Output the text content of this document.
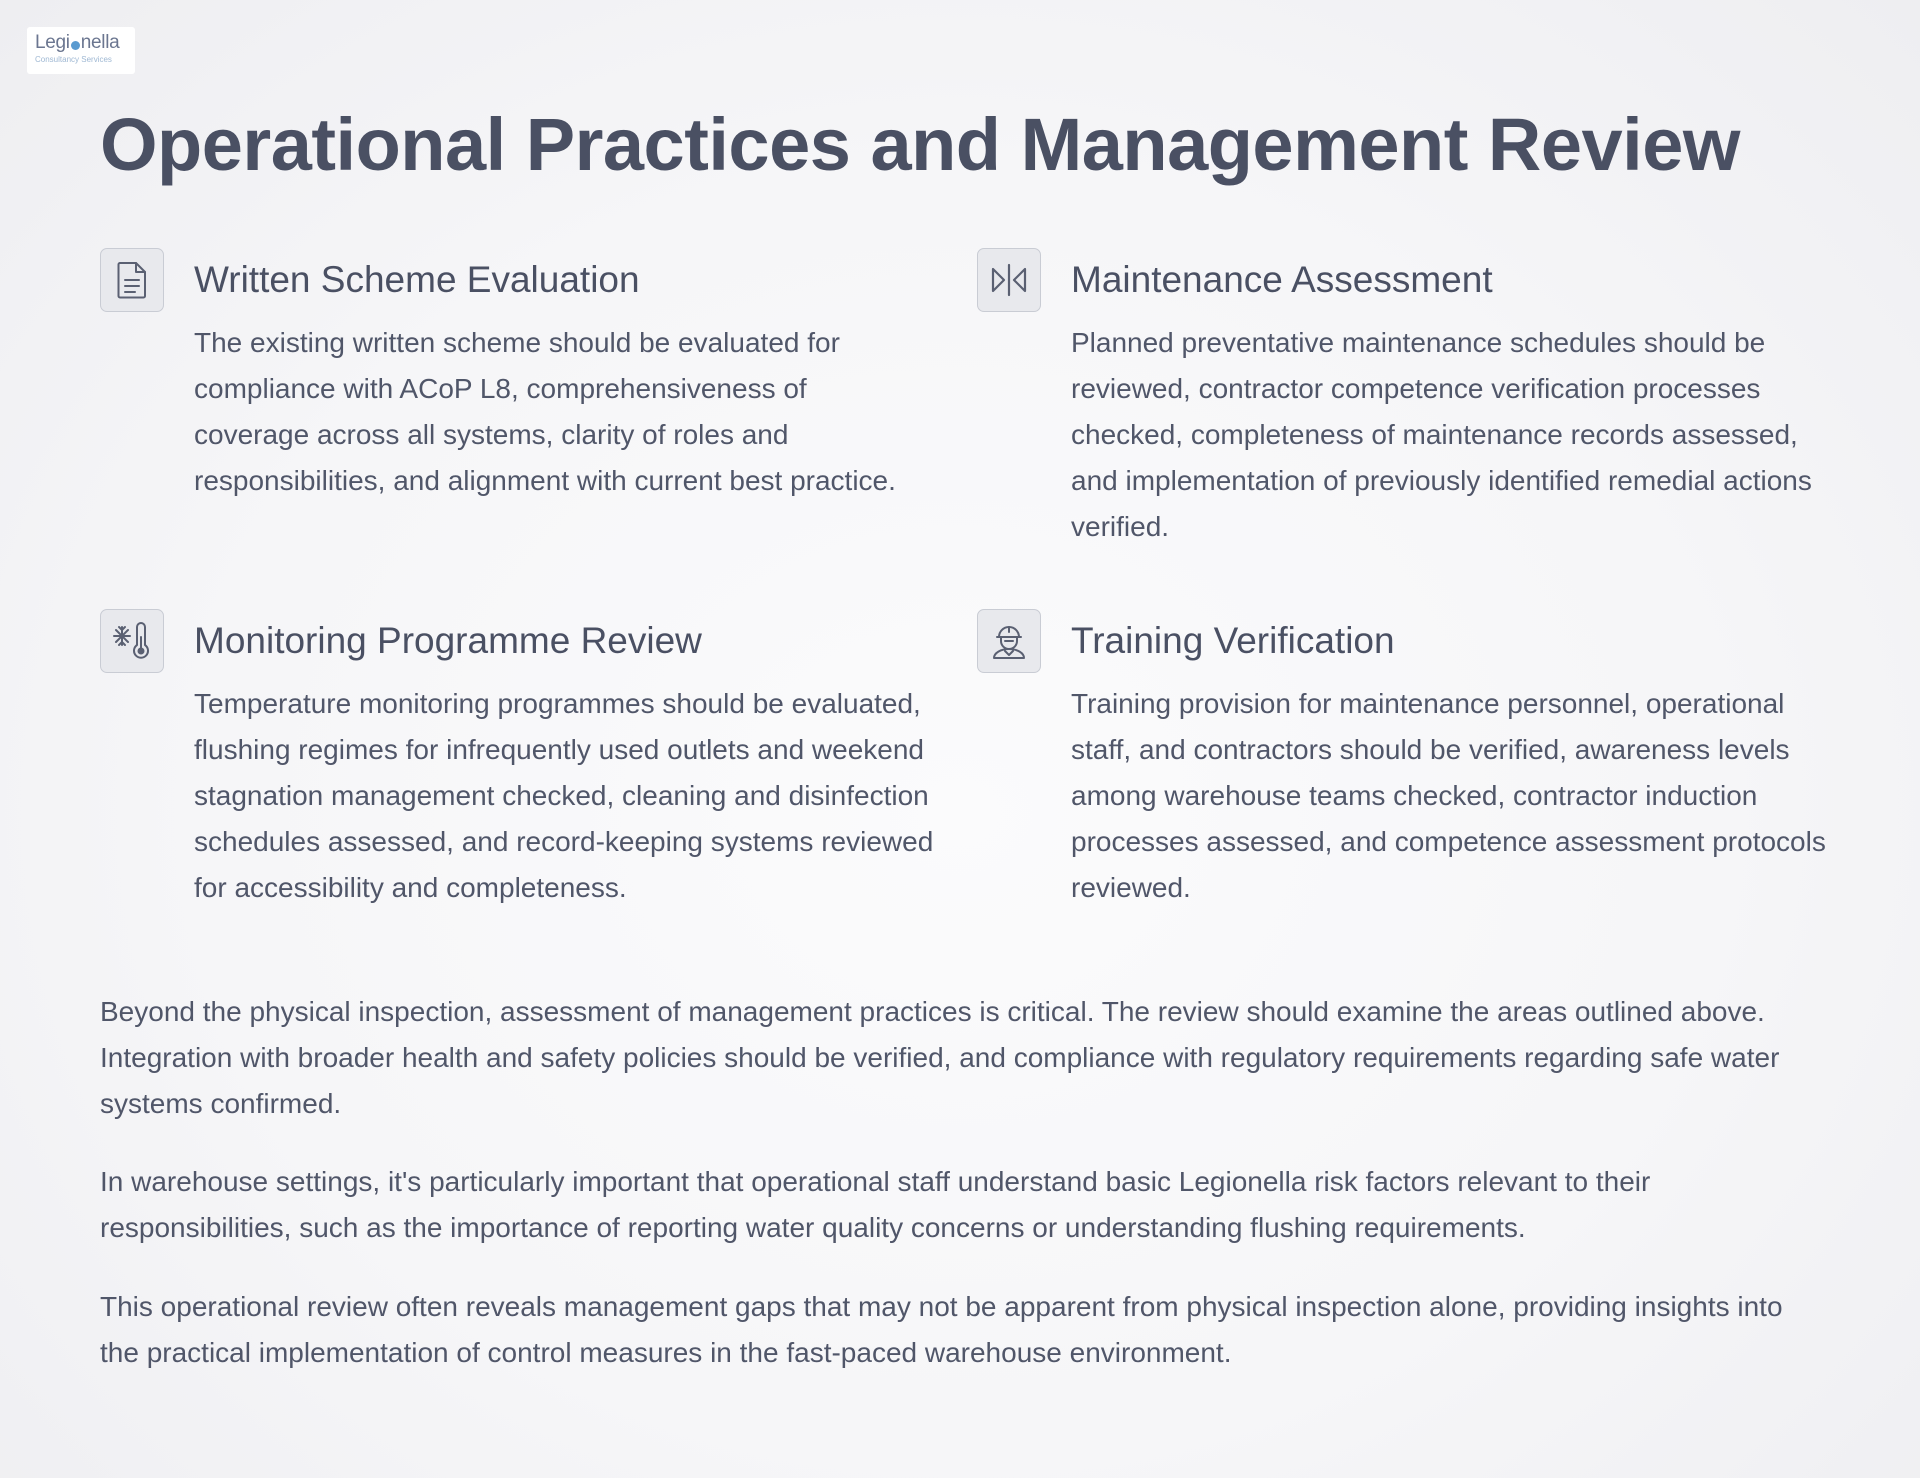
Legi nella
Consultancy Services
Operational Practices and Management Review
Written Scheme Evaluation
The existing written scheme should be evaluated for compliance with ACoP L8, comprehensiveness of coverage across all systems, clarity of roles and responsibilities, and alignment with current best practice.
Maintenance Assessment
Planned preventative maintenance schedules should be reviewed, contractor competence verification processes checked, completeness of maintenance records assessed, and implementation of previously identified remedial actions verified.
Monitoring Programme Review
Temperature monitoring programmes should be evaluated, flushing regimes for infrequently used outlets and weekend stagnation management checked, cleaning and disinfection schedules assessed, and record-keeping systems reviewed for accessibility and completeness.
Training Verification
Training provision for maintenance personnel, operational staff, and contractors should be verified, awareness levels among warehouse teams checked, contractor induction processes assessed, and competence assessment protocols reviewed.

Beyond the physical inspection, assessment of management practices is critical. The review should examine the areas outlined above. Integration with broader health and safety policies should be verified, and compliance with regulatory requirements regarding safe water systems confirmed.

In warehouse settings, it's particularly important that operational staff understand basic Legionella risk factors relevant to their responsibilities, such as the importance of reporting water quality concerns or understanding flushing requirements.

This operational review often reveals management gaps that may not be apparent from physical inspection alone, providing insights into the practical implementation of control measures in the fast-paced warehouse environment.
